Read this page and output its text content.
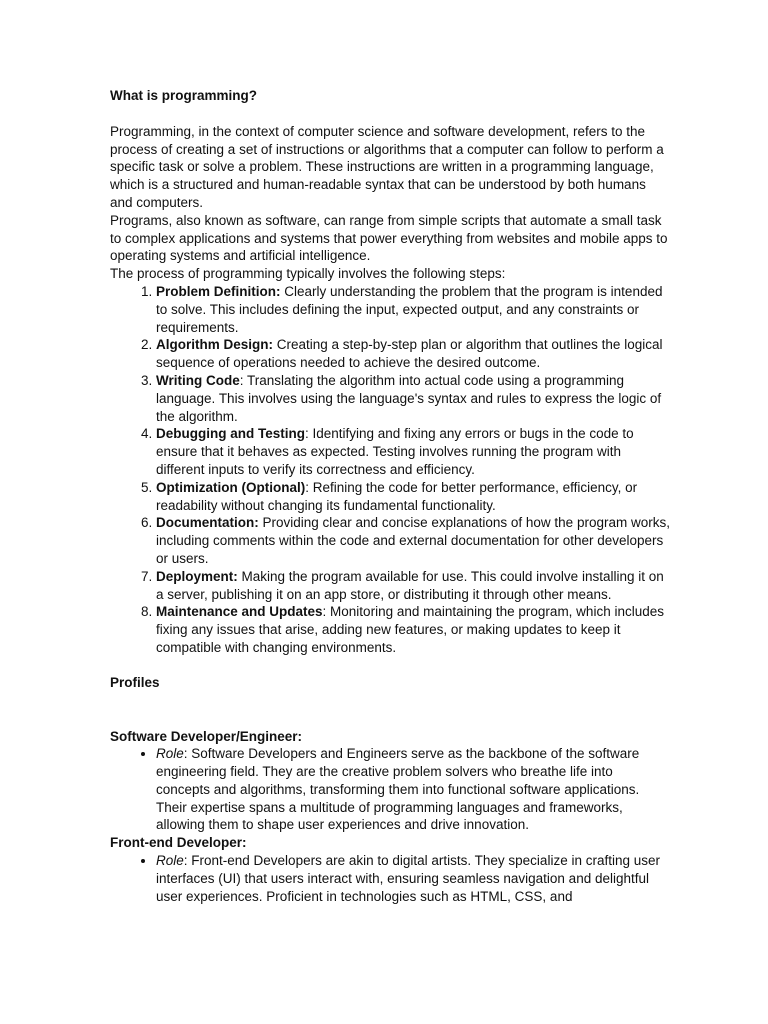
What is programming?

Programming, in the context of computer science and software development, refers to the process of creating a set of instructions or algorithms that a computer can follow to perform a specific task or solve a problem. These instructions are written in a programming language, which is a structured and human-readable syntax that can be understood by both humans and computers.

Programs, also known as software, can range from simple scripts that automate a small task to complex applications and systems that power everything from websites and mobile apps to operating systems and artificial intelligence.

The process of programming typically involves the following steps:

1. Problem Definition: Clearly understanding the problem that the program is intended to solve. This includes defining the input, expected output, and any constraints or requirements.
2. Algorithm Design: Creating a step-by-step plan or algorithm that outlines the logical sequence of operations needed to achieve the desired outcome.
3. Writing Code: Translating the algorithm into actual code using a programming language. This involves using the language's syntax and rules to express the logic of the algorithm.
4. Debugging and Testing: Identifying and fixing any errors or bugs in the code to ensure that it behaves as expected. Testing involves running the program with different inputs to verify its correctness and efficiency.
5. Optimization (Optional): Refining the code for better performance, efficiency, or readability without changing its fundamental functionality.
6. Documentation: Providing clear and concise explanations of how the program works, including comments within the code and external documentation for other developers or users.
7. Deployment: Making the program available for use. This could involve installing it on a server, publishing it on an app store, or distributing it through other means.
8. Maintenance and Updates: Monitoring and maintaining the program, which includes fixing any issues that arise, adding new features, or making updates to keep it compatible with changing environments.
Profiles
Software Developer/Engineer:
• Role: Software Developers and Engineers serve as the backbone of the software engineering field. They are the creative problem solvers who breathe life into concepts and algorithms, transforming them into functional software applications. Their expertise spans a multitude of programming languages and frameworks, allowing them to shape user experiences and drive innovation.
Front-end Developer:
• Role: Front-end Developers are akin to digital artists. They specialize in crafting user interfaces (UI) that users interact with, ensuring seamless navigation and delightful user experiences. Proficient in technologies such as HTML, CSS, and
